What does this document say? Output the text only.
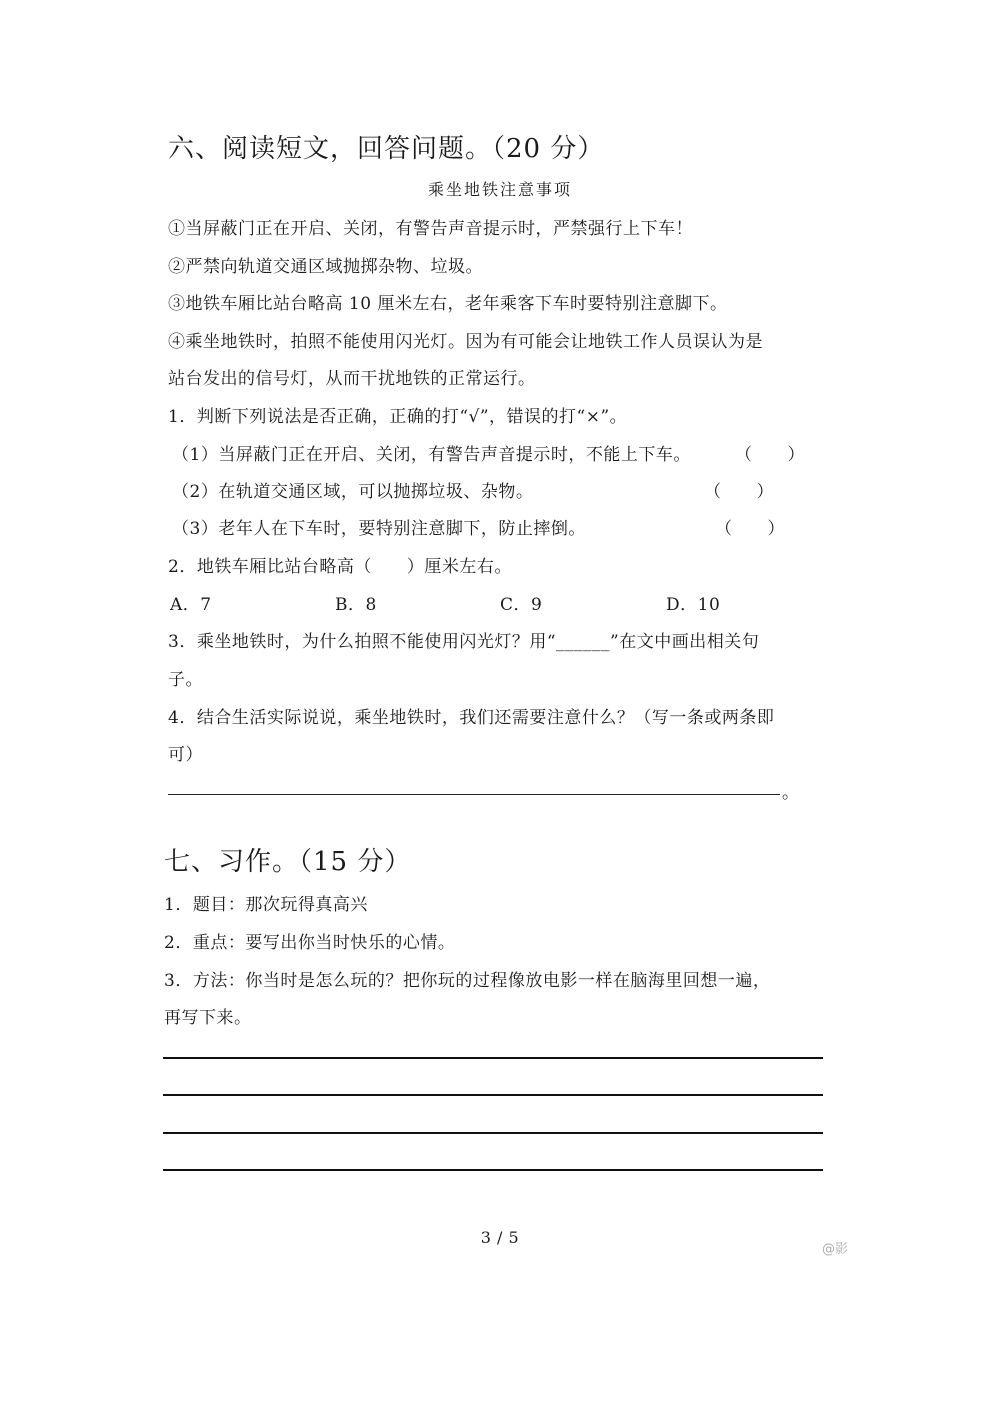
六、阅读短文，回答问题。（20 分）
乘坐地铁注意事项
①当屏蔽门正在开启、关闭，有警告声音提示时，严禁强行上下车！
②严禁向轨道交通区域抛掷杂物、垃圾。
③地铁车厢比站台略高 10 厘米左右，老年乘客下车时要特别注意脚下。
④乘坐地铁时，拍照不能使用闪光灯。因为有可能会让地铁工作人员误认为是
站台发出的信号灯，从而干扰地铁的正常运行。
1．判断下列说法是否正确，正确的打“√”，错误的打“×”。
（1）当屏蔽门正在开启、关闭，有警告声音提示时，不能上下车。	（　　）
（2）在轨道交通区域，可以抛掷垃圾、杂物。	（　　）
（3）老年人在下车时，要特别注意脚下，防止摔倒。	（　　）
2．地铁车厢比站台略高（　　）厘米左右。
A．7	B．8	C．9	D．10
3．乘坐地铁时，为什么拍照不能使用闪光灯？用“______”在文中画出相关句
子。
4．结合生活实际说说，乘坐地铁时，我们还需要注意什么？（写一条或两条即
可）
。
七、习作。（15 分）
1．题目：那次玩得真高兴
2．重点：要写出你当时快乐的心情。
3．方法：你当时是怎么玩的？把你玩的过程像放电影一样在脑海里回想一遍，
再写下来。
3 / 5
@影
